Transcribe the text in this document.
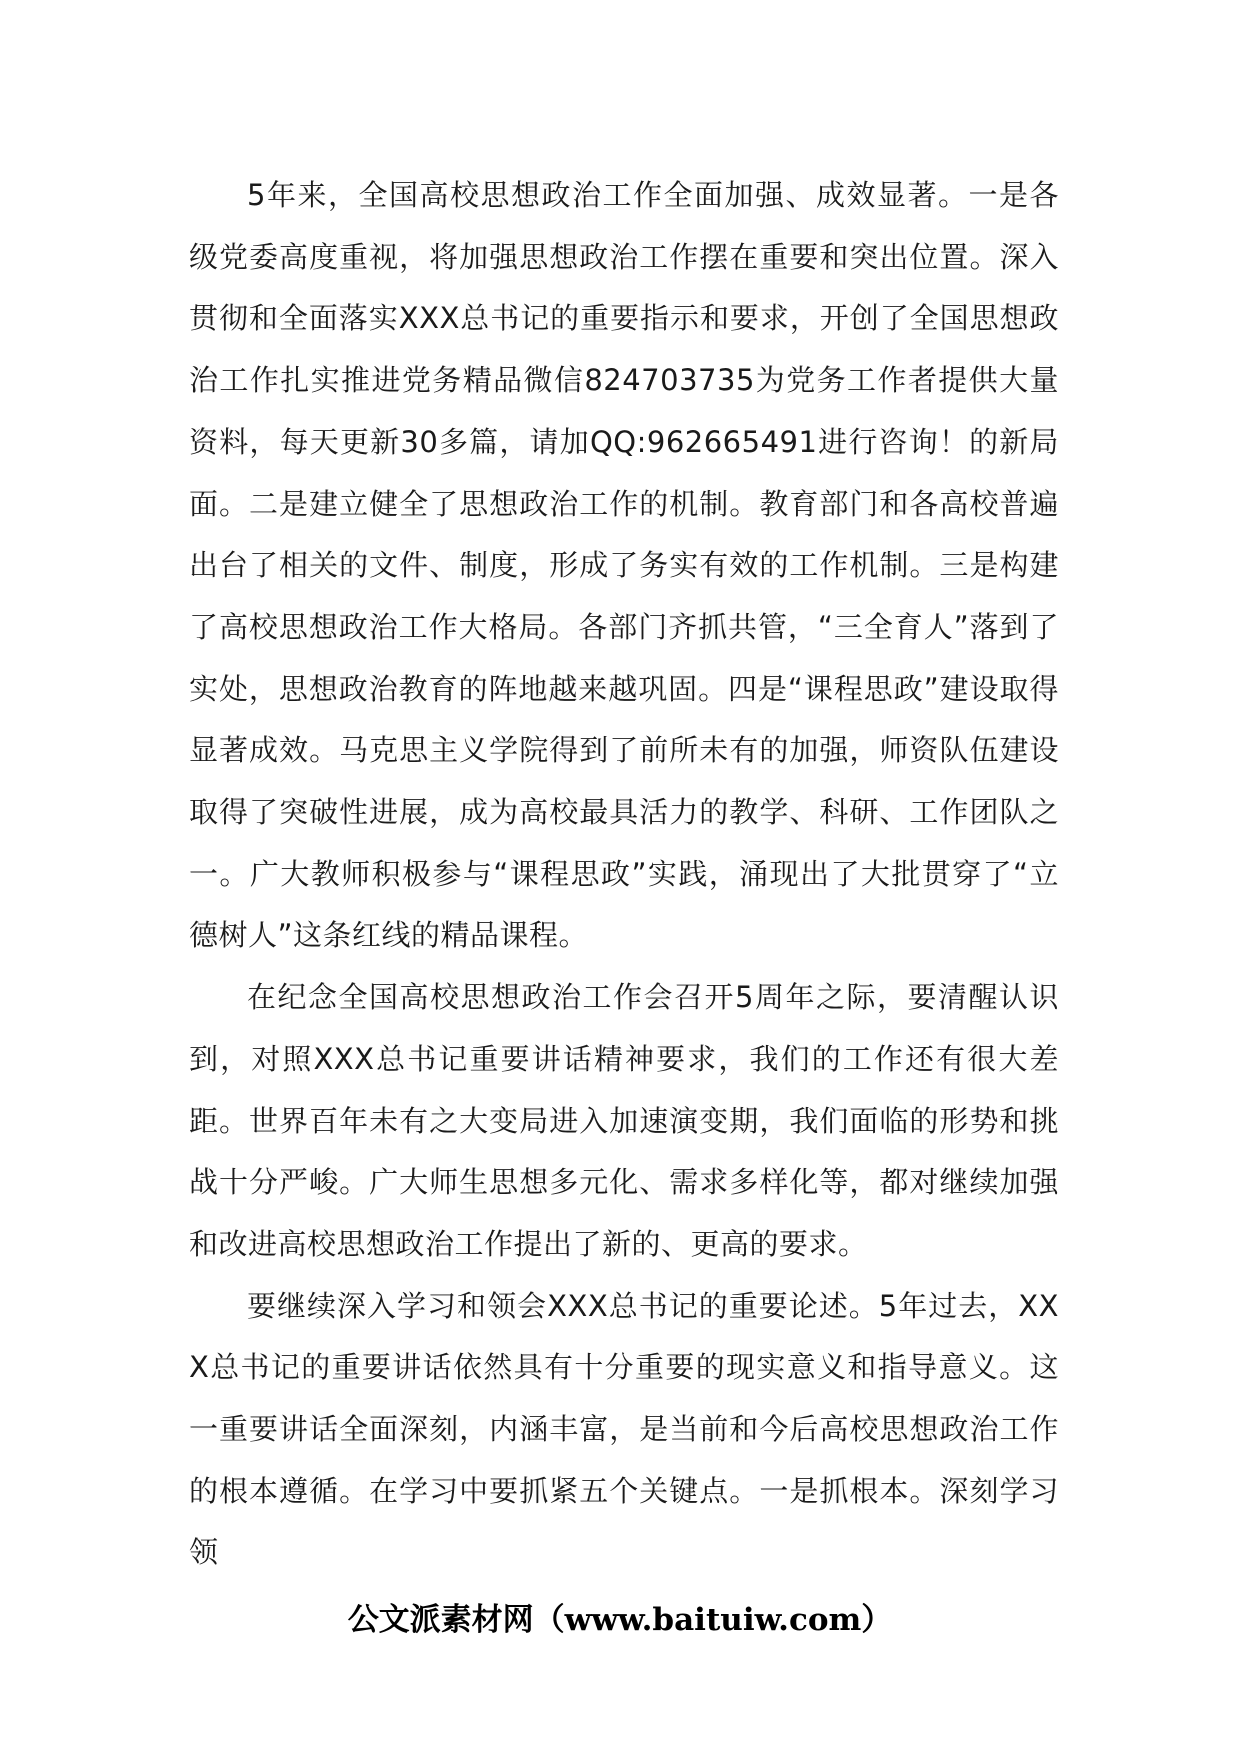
5年来，全国高校思想政治工作全面加强、成效显著。一是各级党委高度重视，将加强思想政治工作摆在重要和突出位置。深入贯彻和全面落实XXX总书记的重要指示和要求，开创了全国思想政治工作扎实推进党务精品微信824703735为党务工作者提供大量资料，每天更新30多篇，请加QQ:962665491进行咨询！的新局面。二是建立健全了思想政治工作的机制。教育部门和各高校普遍出台了相关的文件、制度，形成了务实有效的工作机制。三是构建了高校思想政治工作大格局。各部门齐抓共管，“三全育人”落到了实处，思想政治教育的阵地越来越巩固。四是“课程思政”建设取得显著成效。马克思主义学院得到了前所未有的加强，师资队伍建设取得了突破性进展，成为高校最具活力的教学、科研、工作团队之一。广大教师积极参与“课程思政”实践，涌现出了大批贯穿了“立德树人”这条红线的精品课程。

在纪念全国高校思想政治工作会召开5周年之际，要清醒认识到，对照XXX总书记重要讲话精神要求，我们的工作还有很大差距。世界百年未有之大变局进入加速演变期，我们面临的形势和挑战十分严峻。广大师生思想多元化、需求多样化等，都对继续加强和改进高校思想政治工作提出了新的、更高的要求。

要继续深入学习和领会XXX总书记的重要论述。5年过去，XXX总书记的重要讲话依然具有十分重要的现实意义和指导意义。这一重要讲话全面深刻，内涵丰富，是当前和今后高校思想政治工作的根本遵循。在学习中要抓紧五个关键点。一是抓根本。深刻学习领

公文派素材网（www.baituiw.com）
